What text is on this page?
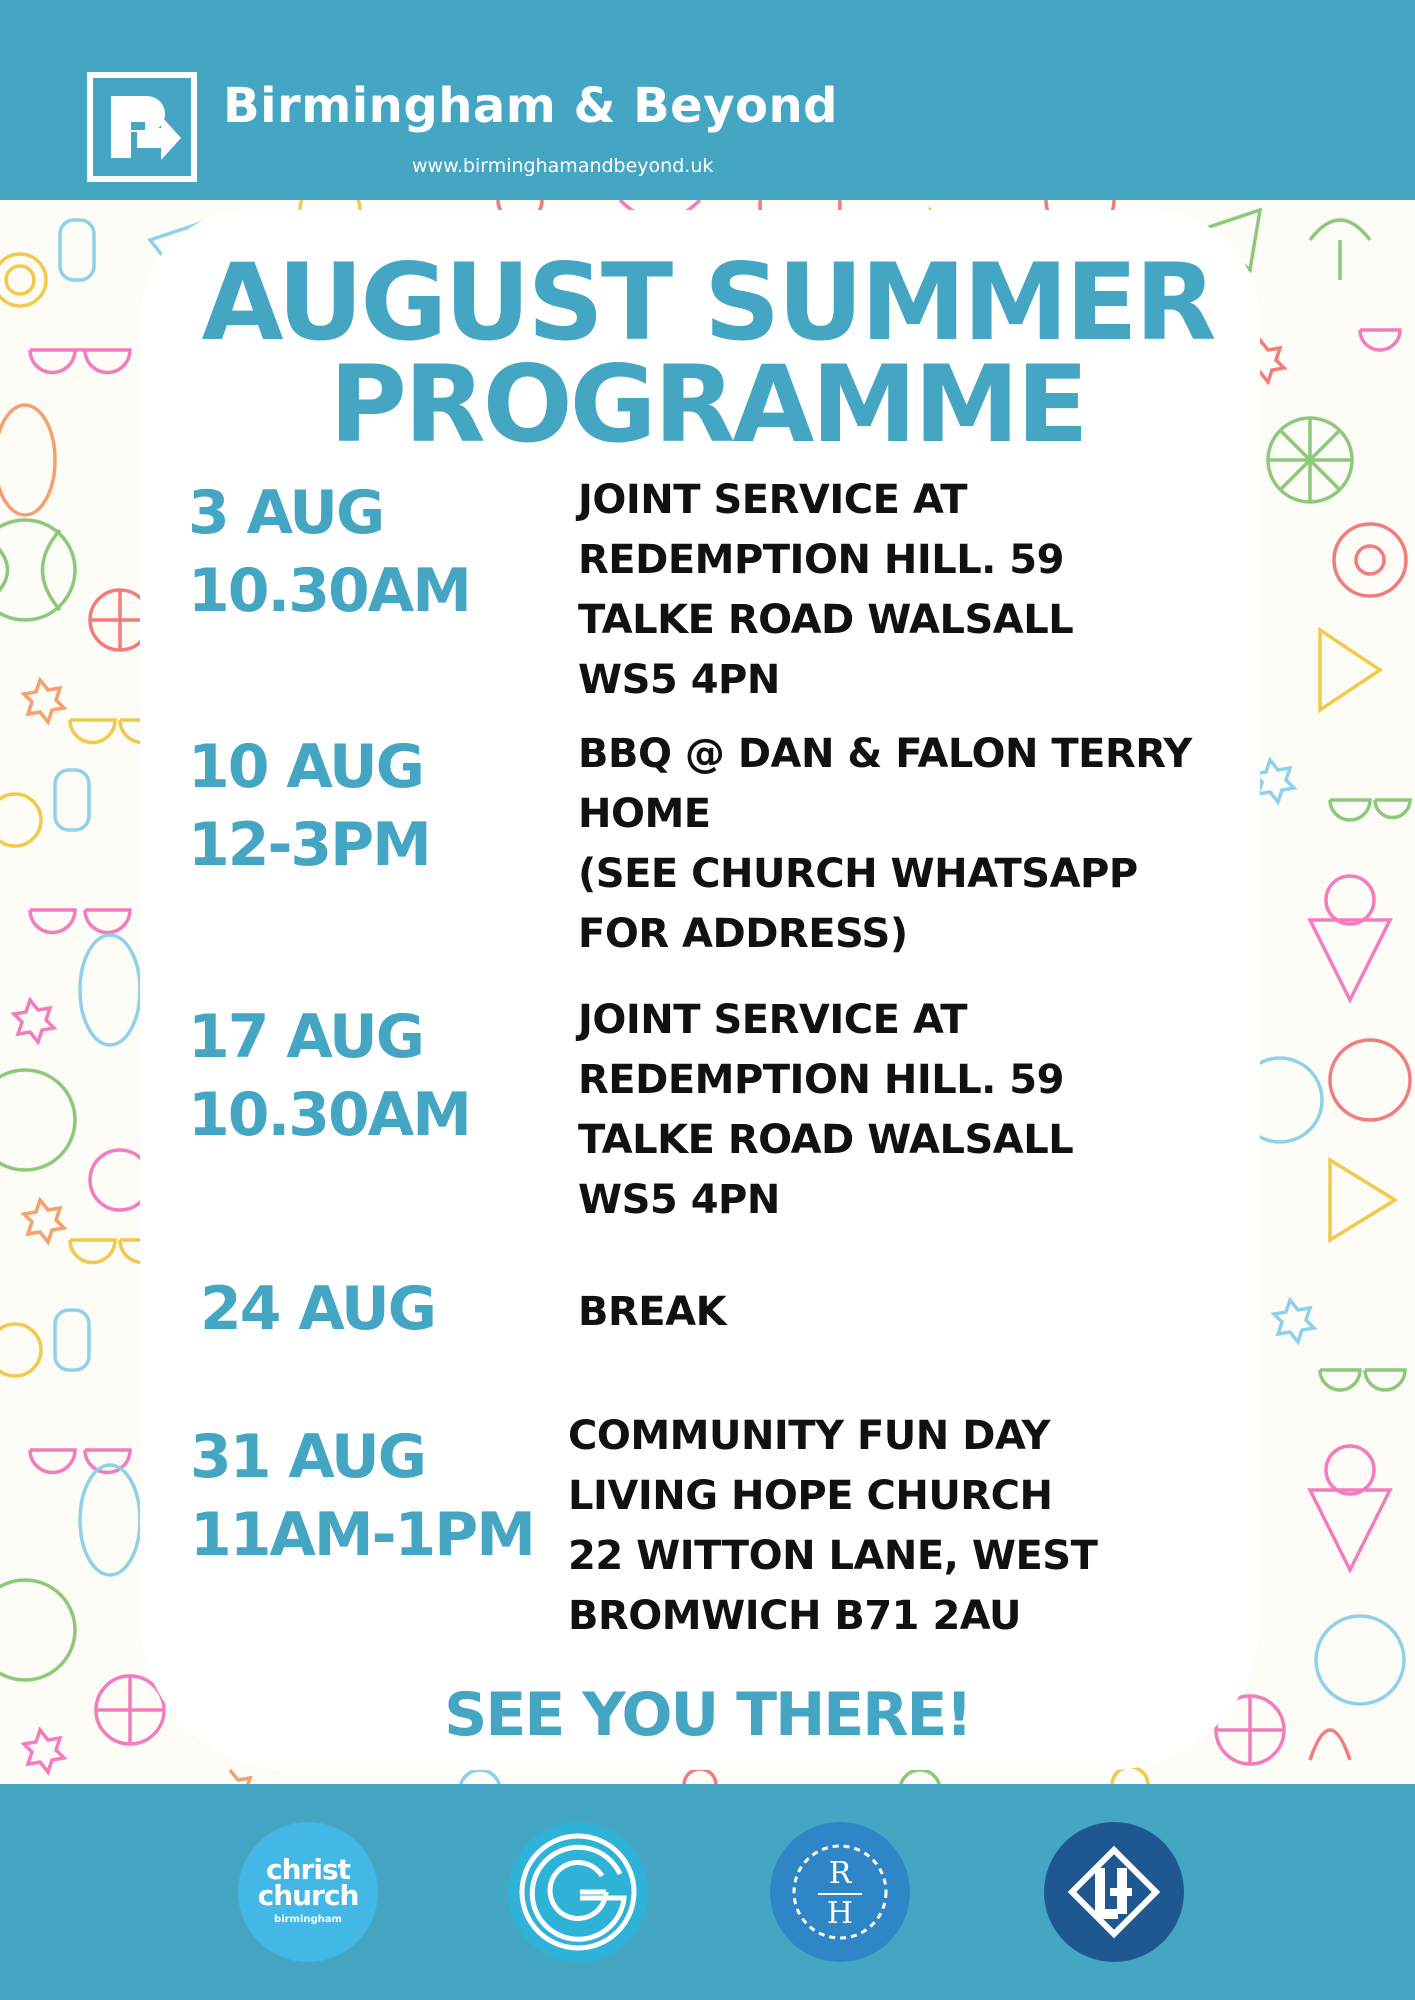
Birmingham & Beyond
www.birminghamandbeyond.uk
AUGUST SUMMER
PROGRAMME
3 AUG
10.30AM
JOINT SERVICE AT
REDEMPTION HILL. 59
TALKE ROAD WALSALL
WS5 4PN
10 AUG
12-3PM
BBQ @ DAN & FALON TERRY
HOME
(SEE CHURCH WHATSAPP
FOR ADDRESS)
17 AUG
10.30AM
JOINT SERVICE AT
REDEMPTION HILL. 59
TALKE ROAD WALSALL
WS5 4PN
24 AUG	BREAK
31 AUG
11AM-1PM
COMMUNITY FUN DAY
LIVING HOPE CHURCH
22 WITTON LANE, WEST
BROMWICH B71 2AU
SEE YOU THERE!
christ
church
birmingham
R
H
